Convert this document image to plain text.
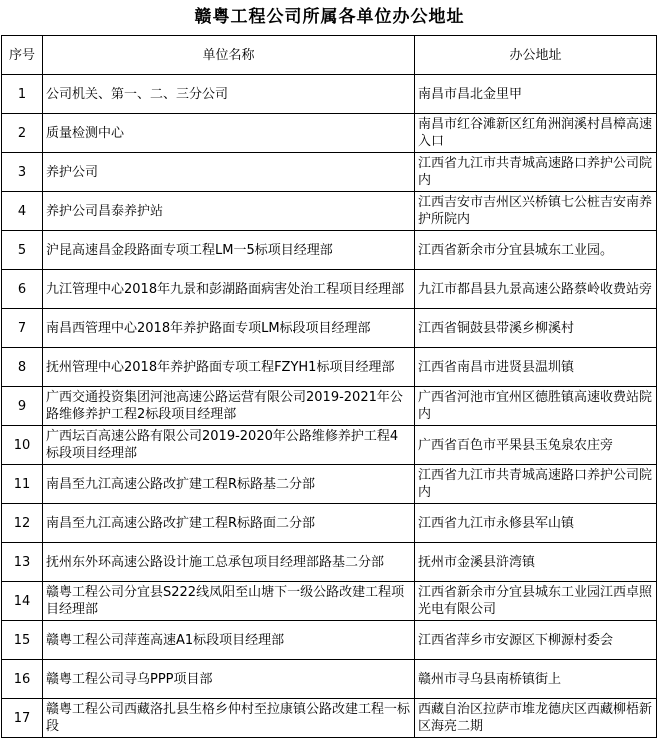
赣粤工程公司所属各单位办公地址
序号	单位名称	办公地址
1	公司机关、第一、二、三分公司	南昌市昌北金里甲
2	质量检测中心	南昌市红谷滩新区红角洲润溪村昌樟高速入口
3	养护公司	江西省九江市共青城高速路口养护公司院内
4	养护公司昌泰养护站	江西吉安市吉州区兴桥镇七公桩吉安南养护所院内
5	沪昆高速昌金段路面专项工程LM一5标项目经理部	江西省新余市分宜县城东工业园。
6	九江管理中心2018年九景和彭湖路面病害处治工程项目经理部	九江市都昌县九景高速公路蔡岭收费站旁
7	南昌西管理中心2018年养护路面专项LM标段项目经理部	江西省铜鼓县带溪乡柳溪村
8	抚州管理中心2018年养护路面专项工程FZYH1标项目经理部	江西省南昌市进贤县温圳镇
9	广西交通投资集团河池高速公路运营有限公司2019-2021年公路维修养护工程2标段项目经理部	广西省河池市宜州区德胜镇高速收费站院内
10	广西坛百高速公路有限公司2019-2020年公路维修养护工程4标段项目经理部	广西省百色市平果县玉兔泉农庄旁
11	南昌至九江高速公路改扩建工程R标路基二分部	江西省九江市共青城高速路口养护公司院内
12	南昌至九江高速公路改扩建工程R标路面二分部	江西省九江市永修县军山镇
13	抚州东外环高速公路设计施工总承包项目经理部路基二分部	抚州市金溪县浒湾镇
14	赣粤工程公司分宜县S222线凤阳至山塘下一级公路改建工程项目经理部	江西省新余市分宜县城东工业园江西卓照光电有限公司
15	赣粤工程公司萍莲高速A1标段项目经理部	江西省萍乡市安源区下柳源村委会
16	赣粤工程公司寻乌PPP项目部	赣州市寻乌县南桥镇街上
17	赣粤工程公司西藏洛扎县生格乡仲村至拉康镇公路改建工程一标段	西藏自治区拉萨市堆龙德庆区西藏柳梧新区海亮二期
